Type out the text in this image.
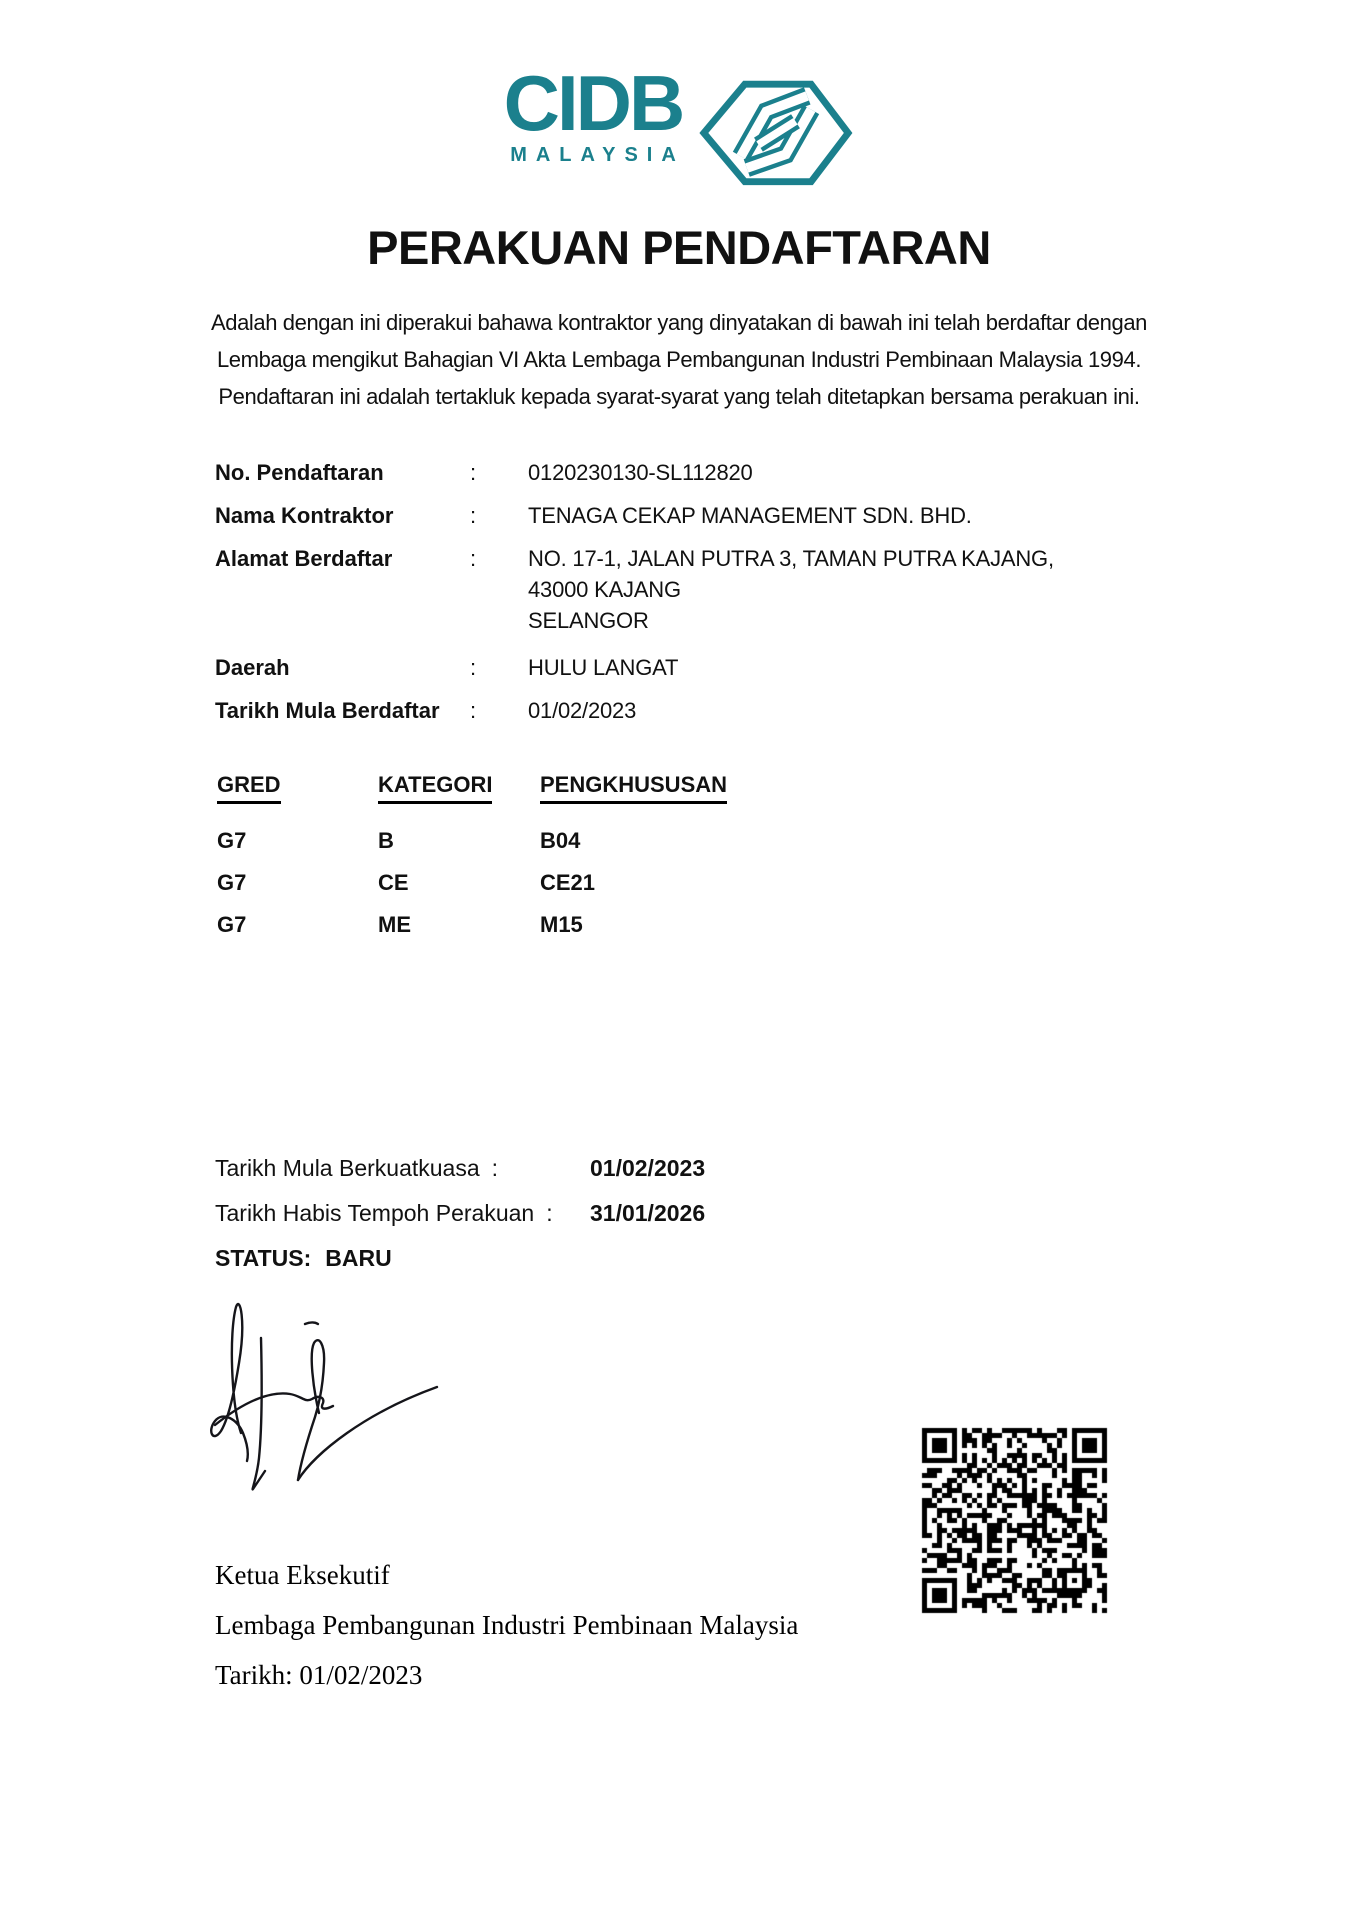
CIDB
MALAYSIA
PERAKUAN PENDAFTARAN
Adalah dengan ini diperakui bahawa kontraktor yang dinyatakan di bawah ini telah berdaftar dengan
Lembaga mengikut Bahagian VI Akta Lembaga Pembangunan Industri Pembinaan Malaysia 1994.
Pendaftaran ini adalah tertakluk kepada syarat-syarat yang telah ditetapkan bersama perakuan ini.
No. Pendaftaran	:	0120230130-SL112820
Nama Kontraktor	:	TENAGA CEKAP MANAGEMENT SDN. BHD.
Alamat Berdaftar	:	NO. 17-1, JALAN PUTRA 3, TAMAN PUTRA KAJANG,
43000 KAJANG
SELANGOR
Daerah	:	HULU LANGAT
Tarikh Mula Berdaftar	:	01/02/2023
GRED	KATEGORI PENGKHUSUSAN
G7	B	B04
G7	CE	CE21
G7	ME	M15
Tarikh Mula Berkuatkuasa :	01/02/2023
Tarikh Habis Tempoh Perakuan : 31/01/2026
STATUS: BARU
Ketua Eksekutif
Lembaga Pembangunan Industri Pembinaan Malaysia
Tarikh: 01/02/2023
